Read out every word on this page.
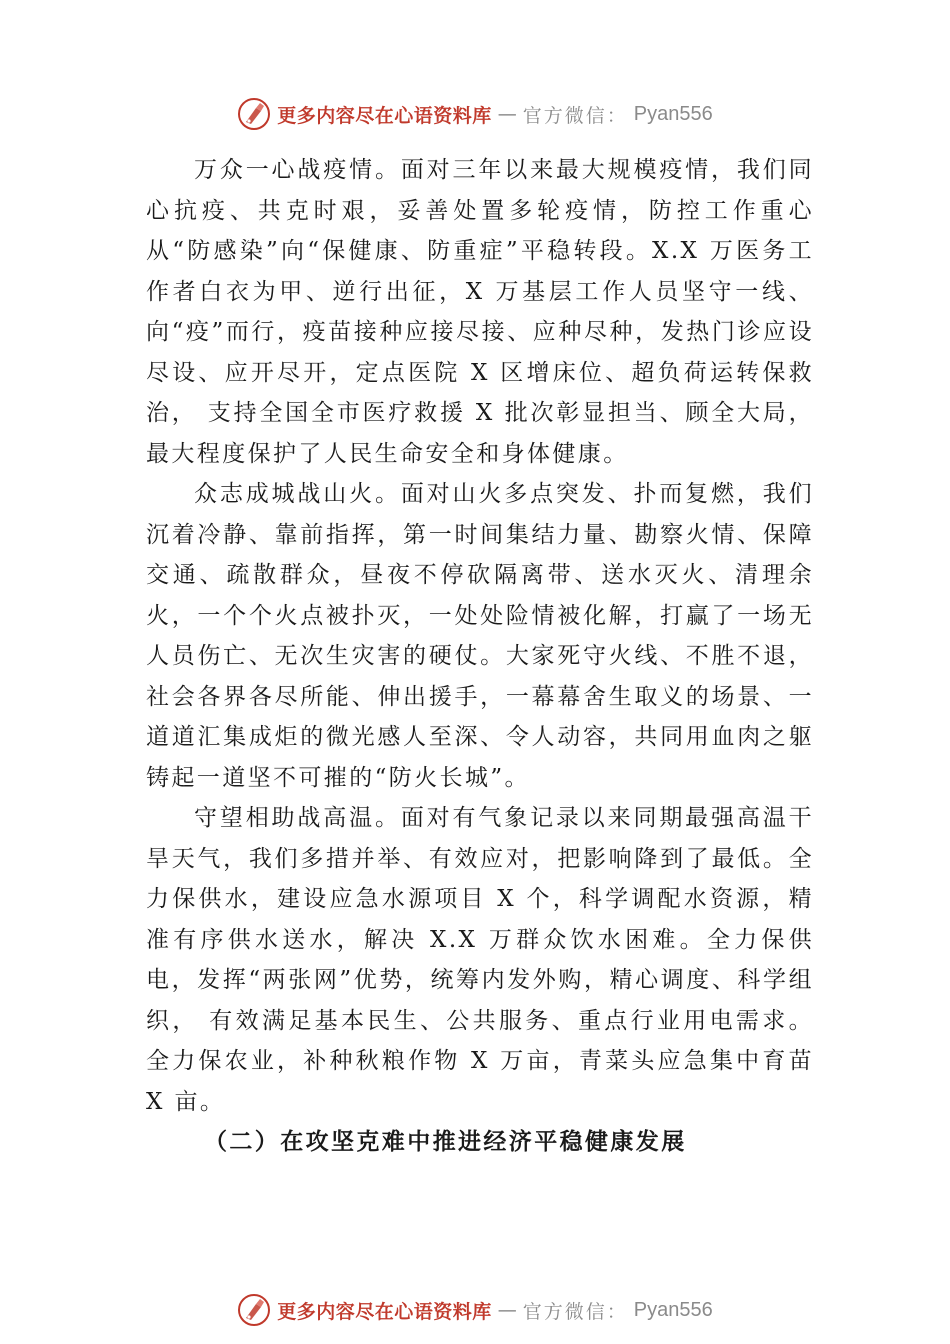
更多内容尽在心语资料库 — 官方微信： Pyan556

万众一心战疫情。面对三年以来最大规模疫情，我们同心抗疫、共克时艰，妥善处置多轮疫情，防控工作重心从“防感染”向“保健康、防重症”平稳转段。X.X 万医务工作者白衣为甲、逆行出征，X 万基层工作人员坚守一线、向“疫”而行，疫苗接种应接尽接、应种尽种，发热门诊应设尽设、应开尽开，定点医院 X 区增床位、超负荷运转保救治， 支持全国全市医疗救援 X 批次彰显担当、顾全大局，最大程度保护了人民生命安全和身体健康。

众志成城战山火。面对山火多点突发、扑而复燃，我们沉着冷静、靠前指挥，第一时间集结力量、勘察火情、保障交通、疏散群众，昼夜不停砍隔离带、送水灭火、清理余火，一个个火点被扑灭，一处处险情被化解，打赢了一场无人员伤亡、无次生灾害的硬仗。大家死守火线、不胜不退，社会各界各尽所能、伸出援手，一幕幕舍生取义的场景、一道道汇集成炬的微光感人至深、令人动容，共同用血肉之躯铸起一道坚不可摧的“防火长城”。

守望相助战高温。面对有气象记录以来同期最强高温干旱天气，我们多措并举、有效应对，把影响降到了最低。全力保供水，建设应急水源项目 X 个，科学调配水资源，精准有序供水送水，解决 X.X 万群众饮水困难。全力保供电，发挥“两张网”优势，统筹内发外购，精心调度、科学组织， 有效满足基本民生、公共服务、重点行业用电需求。全力保农业，补种秋粮作物 X 万亩，青菜头应急集中育苗 X 亩。

（二）在攻坚克难中推进经济平稳健康发展

更多内容尽在心语资料库 — 官方微信： Pyan556
